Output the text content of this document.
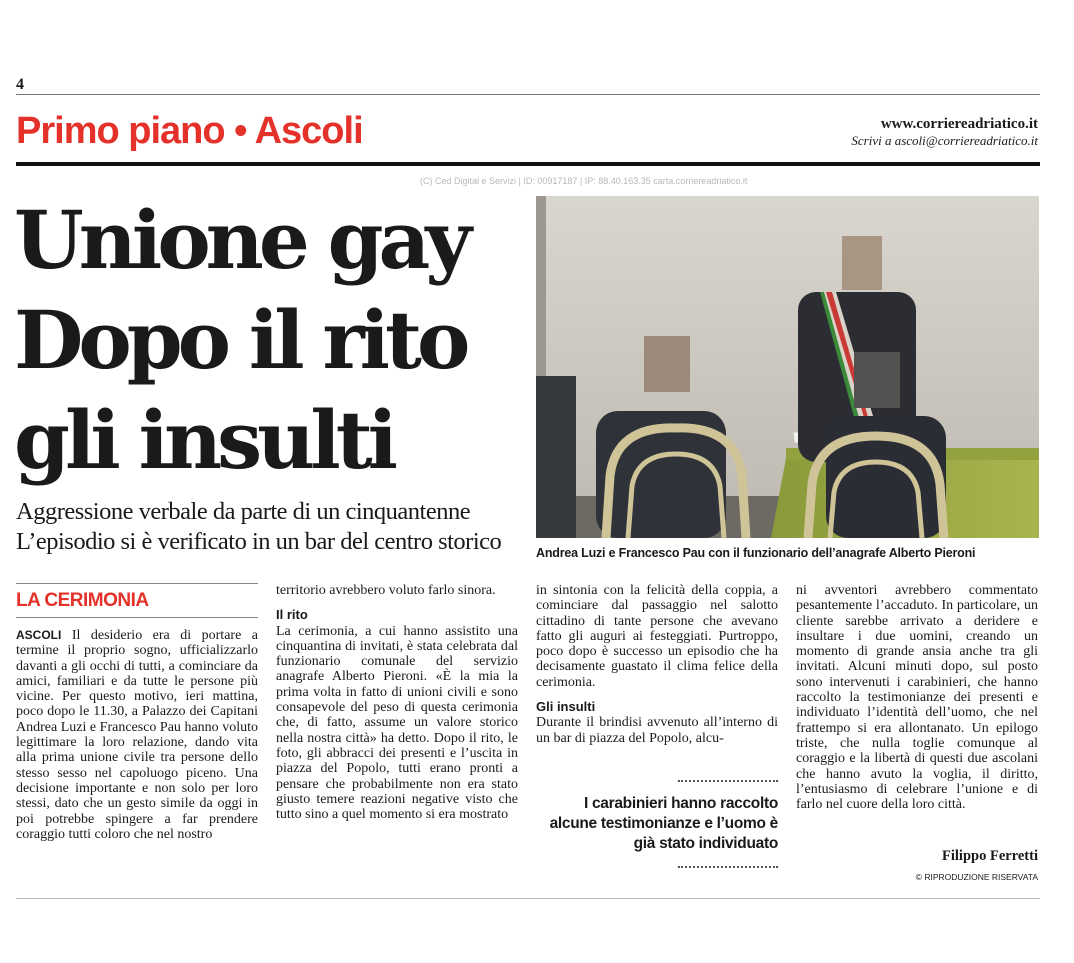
4
Primo piano • Ascoli	www.corriereadriatico.it
Scrivi a ascoli@corriereadriatico.it
(C) Ced Digital e Servizi | ID: 00917187 | IP: 88.40.163.35 carta.corriereadriatico.it
Unione gay
Dopo il rito
gli insulti
Aggressione verbale da parte di un cinquantenne
L’episodio si è verificato in un bar del centro storico	Andrea Luzi e Francesco Pau con il funzionario dell’anagrafe Alberto Pieroni
LA CERIMONIA

ASCOLI Il desiderio era di portare a termine il proprio sogno, ufficializzarlo davanti a gli occhi di tutti, a cominciare da amici, familiari e da tutte le persone più vicine. Per questo motivo, ieri mattina, poco dopo le 11.30, a Palazzo dei Capitani Andrea Luzi e Francesco Pau hanno voluto legittimare la loro relazione, dando vita alla prima unione civile tra persone dello stesso sesso nel capoluogo piceno. Una decisione importante e non solo per loro stessi, dato che un gesto simile da oggi in poi potrebbe spingere a far prendere coraggio tutti coloro che nel nostro

territorio avrebbero voluto farlo sinora.

Il rito

La cerimonia, a cui hanno assistito una cinquantina di invitati, è stata celebrata dal funzionario comunale del servizio anagrafe Alberto Pieroni. «È la mia la prima volta in fatto di unioni civili e sono consapevole del peso di questa cerimonia che, di fatto, assume un valore storico nella nostra città» ha detto. Dopo il rito, le foto, gli abbracci dei presenti e l’uscita in piazza del Popolo, tutti erano pronti a pensare che probabilmente non era stato giusto temere reazioni negative visto che tutto sino a quel momento si era mostrato

in sintonia con la felicità della coppia, a cominciare dal passaggio nel salotto cittadino di tante persone che avevano fatto gli auguri ai festeggiati. Purtroppo, poco dopo è successo un episodio che ha decisamente guastato il clima felice della cerimonia.

Gli insulti

Durante il brindisi avvenuto all’interno di un bar di piazza del Popolo, alcu-

I carabinieri hanno raccolto alcune testimonianze e l’uomo è già stato individuato

ni avventori avrebbero commentato pesantemente l’accaduto. In particolare, un cliente sarebbe arrivato a deridere e insultare i due uomini, creando un momento di grande ansia anche tra gli invitati. Alcuni minuti dopo, sul posto sono intervenuti i carabinieri, che hanno raccolto la testimonianze dei presenti e individuato l’identità dell’uomo, che nel frattempo si era allontanato. Un epilogo triste, che nulla toglie comunque al coraggio e la libertà di questi due ascolani che hanno avuto la voglia, il diritto, l’entusiasmo di celebrare l’unione e di farlo nel cuore della loro città.

Filippo Ferretti
© RIPRODUZIONE RISERVATA
